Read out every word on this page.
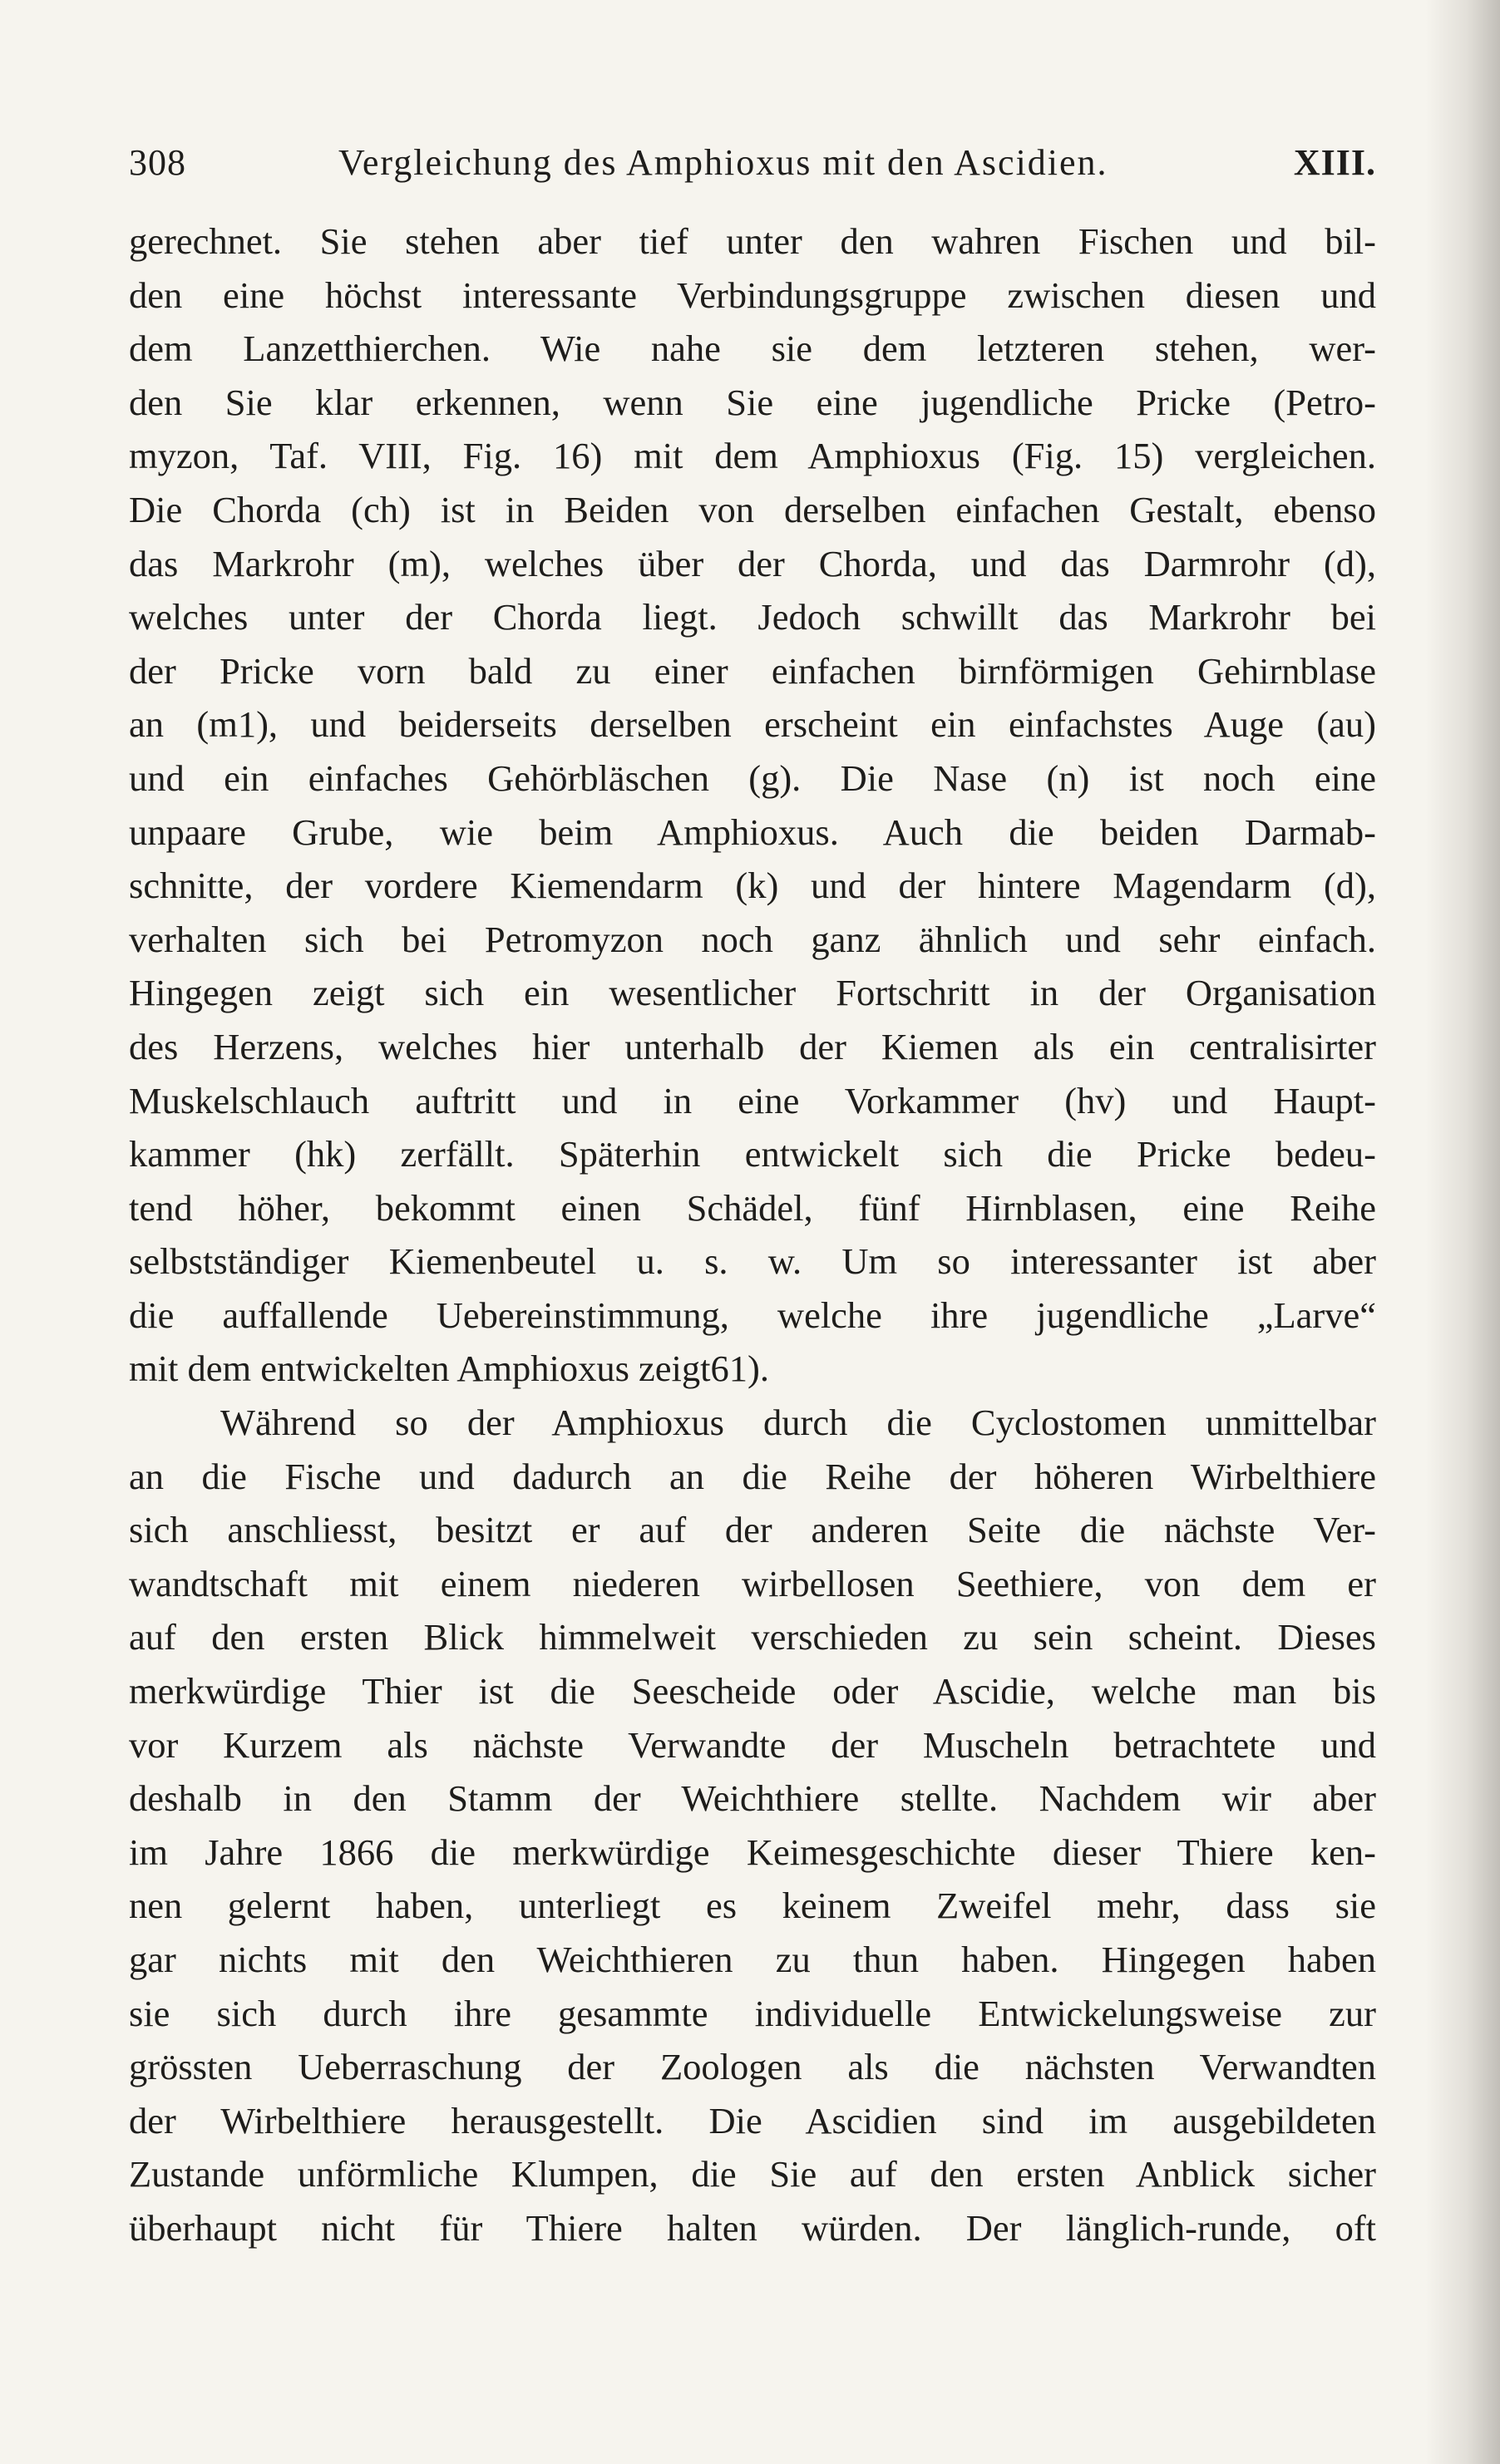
308	Vergleichung des Amphioxus mit den Ascidien.	XIII.
gerechnet. Sie stehen aber tief unter den wahren Fischen und bil-
den eine höchst interessante Verbindungsgruppe zwischen diesen und
dem Lanzetthierchen. Wie nahe sie dem letzteren stehen, wer-
den Sie klar erkennen, wenn Sie eine jugendliche Pricke (Petro-
myzon, Taf. VIII, Fig. 16) mit dem Amphioxus (Fig. 15) vergleichen.
Die Chorda (ch) ist in Beiden von derselben einfachen Gestalt, ebenso
das Markrohr (m), welches über der Chorda, und das Darmrohr (d),
welches unter der Chorda liegt. Jedoch schwillt das Markrohr bei
der Pricke vorn bald zu einer einfachen birnförmigen Gehirnblase
an (m1), und beiderseits derselben erscheint ein einfachstes Auge (au)
und ein einfaches Gehörbläschen (g). Die Nase (n) ist noch eine
unpaare Grube, wie beim Amphioxus. Auch die beiden Darmab-
schnitte, der vordere Kiemendarm (k) und der hintere Magendarm (d),
verhalten sich bei Petromyzon noch ganz ähnlich und sehr einfach.
Hingegen zeigt sich ein wesentlicher Fortschritt in der Organisation
des Herzens, welches hier unterhalb der Kiemen als ein centralisirter
Muskelschlauch auftritt und in eine Vorkammer (hv) und Haupt-
kammer (hk) zerfällt. Späterhin entwickelt sich die Pricke bedeu-
tend höher, bekommt einen Schädel, fünf Hirnblasen, eine Reihe
selbstständiger Kiemenbeutel u. s. w. Um so interessanter ist aber
die auffallende Uebereinstimmung, welche ihre jugendliche „Larve“
mit dem entwickelten Amphioxus zeigt61).
Während so der Amphioxus durch die Cyclostomen unmittelbar
an die Fische und dadurch an die Reihe der höheren Wirbelthiere
sich anschliesst, besitzt er auf der anderen Seite die nächste Ver-
wandtschaft mit einem niederen wirbellosen Seethiere, von dem er
auf den ersten Blick himmelweit verschieden zu sein scheint. Dieses
merkwürdige Thier ist die Seescheide oder Ascidie, welche man bis
vor Kurzem als nächste Verwandte der Muscheln betrachtete und
deshalb in den Stamm der Weichthiere stellte. Nachdem wir aber
im Jahre 1866 die merkwürdige Keimesgeschichte dieser Thiere ken-
nen gelernt haben, unterliegt es keinem Zweifel mehr, dass sie
gar nichts mit den Weichthieren zu thun haben. Hingegen haben
sie sich durch ihre gesammte individuelle Entwickelungsweise zur
grössten Ueberraschung der Zoologen als die nächsten Verwandten
der Wirbelthiere herausgestellt. Die Ascidien sind im ausgebildeten
Zustande unförmliche Klumpen, die Sie auf den ersten Anblick sicher
überhaupt nicht für Thiere halten würden. Der länglich-runde, oft
